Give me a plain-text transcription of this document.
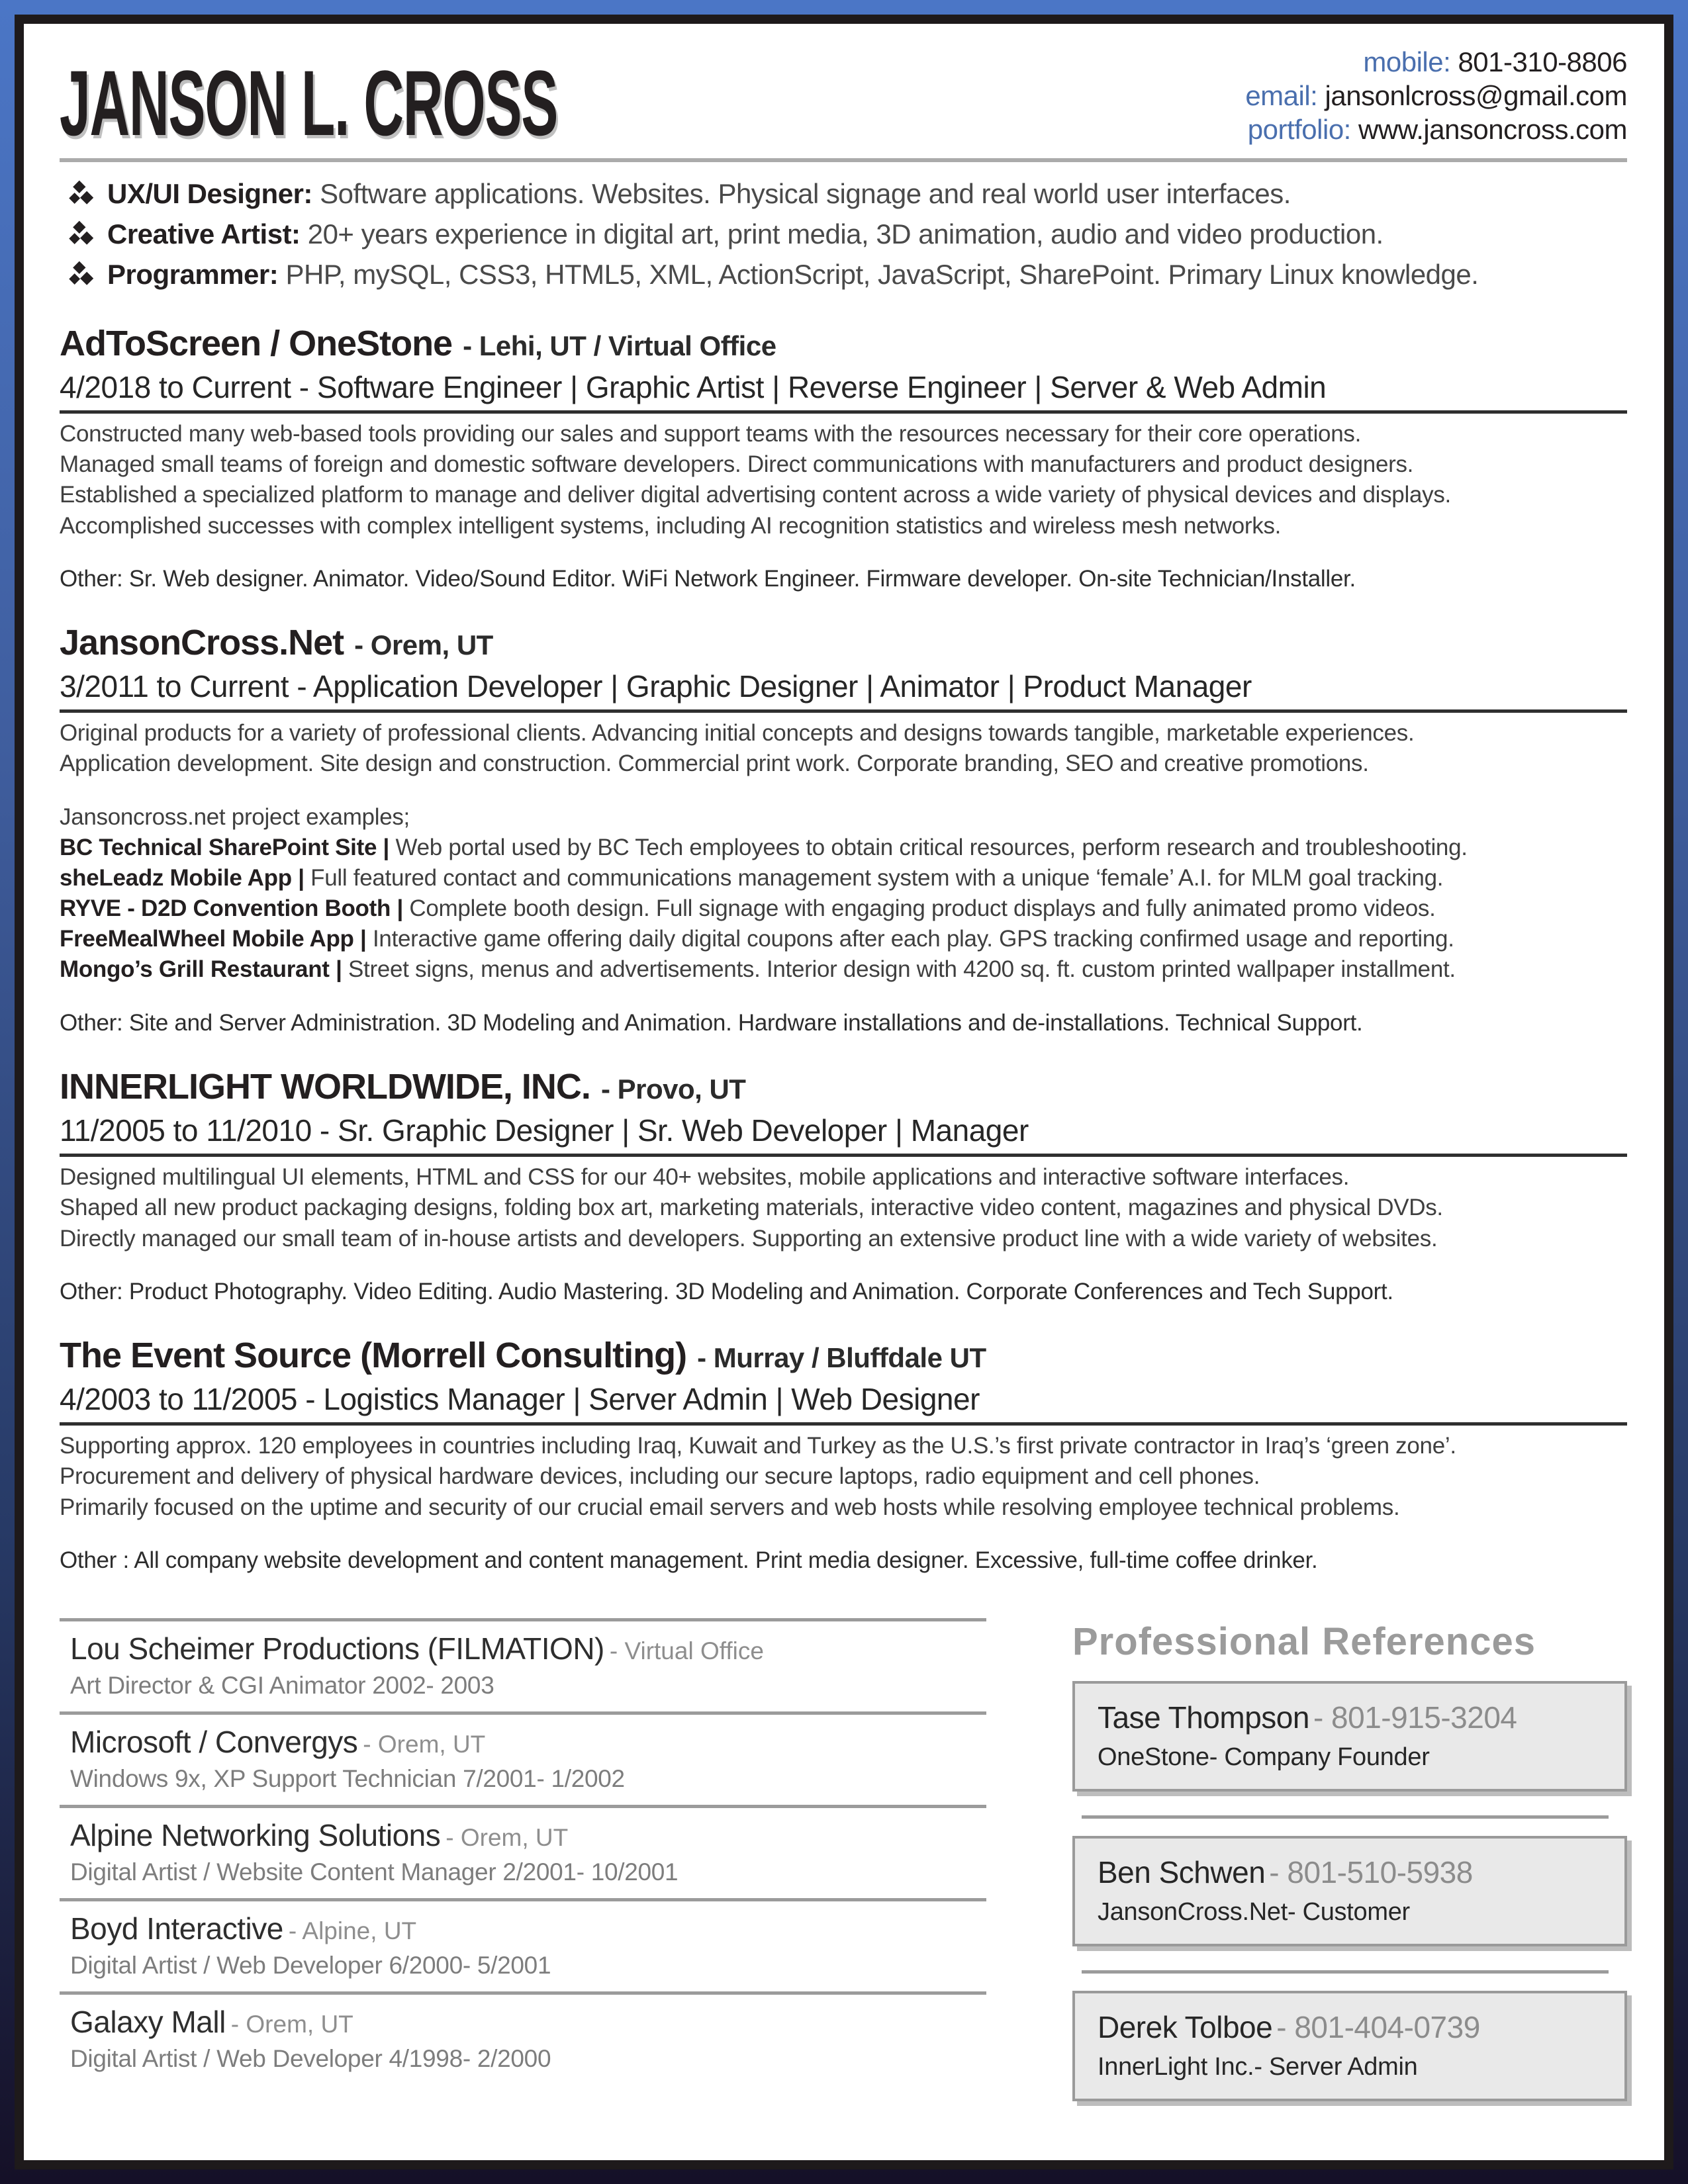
JANSON L. CROSS	mobile: 801-310-8806
email: jansonlcross@gmail.com
portfolio: www.jansoncross.com
UX/UI Designer: Software applications. Websites. Physical signage and real world user interfaces.
Creative Artist: 20+ years experience in digital art, print media, 3D animation, audio and video production.
Programmer: PHP, mySQL, CSS3, HTML5, XML, ActionScript, JavaScript, SharePoint. Primary Linux knowledge.
AdToScreen / OneStone - Lehi, UT / Virtual Office
4/2018 to Current - Software Engineer | Graphic Artist | Reverse Engineer | Server & Web Admin
Constructed many web-based tools providing our sales and support teams with the resources necessary for their core operations.
Managed small teams of foreign and domestic software developers. Direct communications with manufacturers and product designers.
Established a specialized platform to manage and deliver digital advertising content across a wide variety of physical devices and displays.
Accomplished successes with complex intelligent systems, including AI recognition statistics and wireless mesh networks.
Other: Sr. Web designer. Animator. Video/Sound Editor. WiFi Network Engineer. Firmware developer. On-site Technician/Installer.
JansonCross.Net - Orem, UT
3/2011 to Current - Application Developer | Graphic Designer | Animator | Product Manager
Original products for a variety of professional clients. Advancing initial concepts and designs towards tangible, marketable experiences.
Application development. Site design and construction. Commercial print work. Corporate branding, SEO and creative promotions.
Jansoncross.net project examples;
BC Technical SharePoint Site | Web portal used by BC Tech employees to obtain critical resources, perform research and troubleshooting.
sheLeadz Mobile App | Full featured contact and communications management system with a unique ‘female’ A.I. for MLM goal tracking.
RYVE - D2D Convention Booth | Complete booth design. Full signage with engaging product displays and fully animated promo videos.
FreeMealWheel Mobile App | Interactive game offering daily digital coupons after each play. GPS tracking confirmed usage and reporting.
Mongo’s Grill Restaurant | Street signs, menus and advertisements. Interior design with 4200 sq. ft. custom printed wallpaper installment.
Other: Site and Server Administration. 3D Modeling and Animation. Hardware installations and de-installations. Technical Support.
INNERLIGHT WORLDWIDE, INC. - Provo, UT
11/2005 to 11/2010 - Sr. Graphic Designer | Sr. Web Developer | Manager
Designed multilingual UI elements, HTML and CSS for our 40+ websites, mobile applications and interactive software interfaces.
Shaped all new product packaging designs, folding box art, marketing materials, interactive video content, magazines and physical DVDs.
Directly managed our small team of in-house artists and developers. Supporting an extensive product line with a wide variety of websites.
Other: Product Photography. Video Editing. Audio Mastering. 3D Modeling and Animation. Corporate Conferences and Tech Support.
The Event Source (Morrell Consulting) - Murray / Bluffdale UT
4/2003 to 11/2005 - Logistics Manager | Server Admin | Web Designer
Supporting approx. 120 employees in countries including Iraq, Kuwait and Turkey as the U.S.’s first private contractor in Iraq’s ‘green zone’.
Procurement and delivery of physical hardware devices, including our secure laptops, radio equipment and cell phones.
Primarily focused on the uptime and security of our crucial email servers and web hosts while resolving employee technical problems.
Other : All company website development and content management. Print media designer. Excessive, full-time coffee drinker.
Lou Scheimer Productions (FILMATION) - Virtual Office
Art Director & CGI Animator 2002- 2003
Microsoft / Convergys - Orem, UT
Windows 9x, XP Support Technician 7/2001- 1/2002
Alpine Networking Solutions - Orem, UT
Digital Artist / Website Content Manager 2/2001- 10/2001
Boyd Interactive - Alpine, UT
Digital Artist / Web Developer 6/2000- 5/2001
Galaxy Mall - Orem, UT
Digital Artist / Web Developer 4/1998- 2/2000
Professional References
Tase Thompson - 801-915-3204
OneStone- Company Founder
Ben Schwen - 801-510-5938
JansonCross.Net- Customer
Derek Tolboe - 801-404-0739
InnerLight Inc.- Server Admin
